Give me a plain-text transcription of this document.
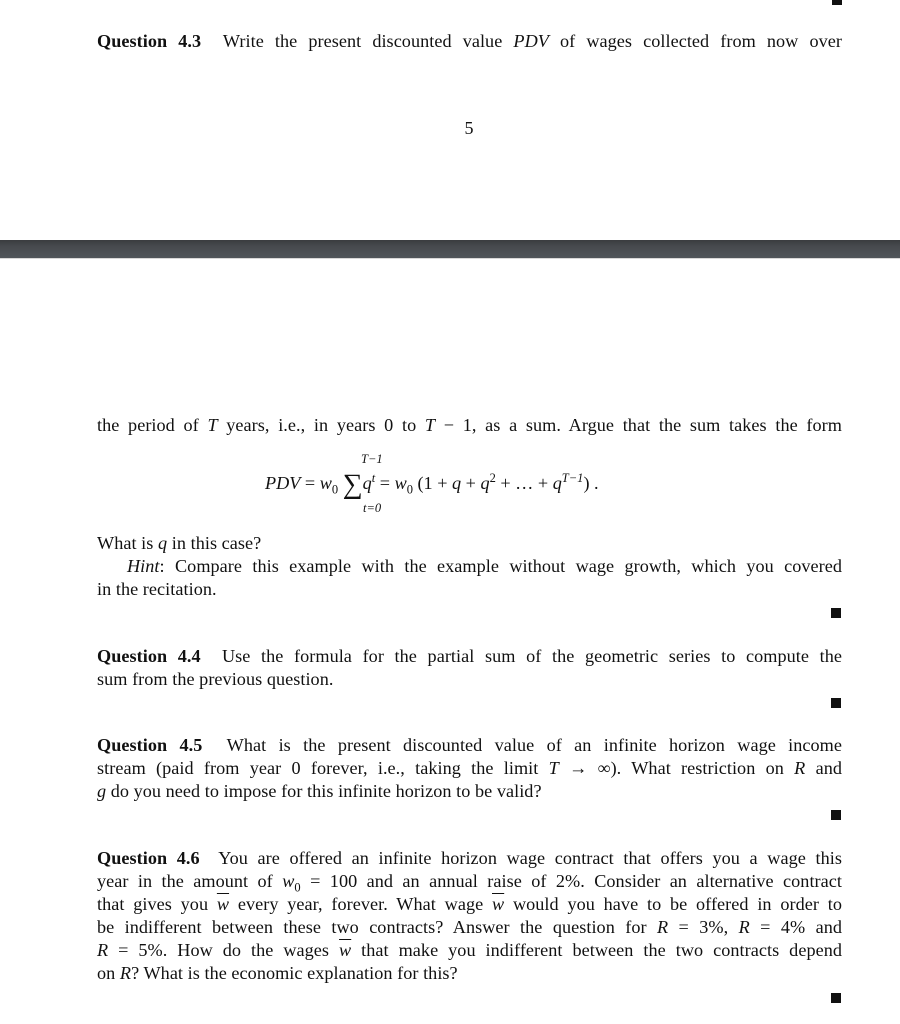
Question 4.3 Write the present discounted value PDV of wages collected from now over
5
the period of T years, i.e., in years 0 to T − 1, as a sum. Argue that the sum takes the form
T−1
PDV = $w_0$ $\sum q^t = w_0$ ($1 + q + q^2$ + … + $q^{T-1}$) .
t=0
What is q in this case?
Hint: Compare this example with the example without wage growth, which you covered
in the recitation.
Question 4.4 Use the formula for the partial sum of the geometric series to compute the
sum from the previous question.
Question 4.5 What is the present discounted value of an infinite horizon wage income
stream (paid from year 0 forever, i.e., taking the limit T → ∞). What restriction on R and
g do you need to impose for this infinite horizon to be valid?
Question 4.6 You are offered an infinite horizon wage contract that offers you a wage this
year in the amount of $w_0 = 100$ and an annual raise of 2%. Consider an alternative contract
that gives you $\overline{w}$ every year, forever. What wage $\overline{w}$ would you have to be offered in order to
be indifferent between these two contracts? Answer the question for R = 3%, R = 4% and
R = 5%. How do the wages $\overline{w}$ that make you indifferent between the two contracts depend
on R? What is the economic explanation for this?
